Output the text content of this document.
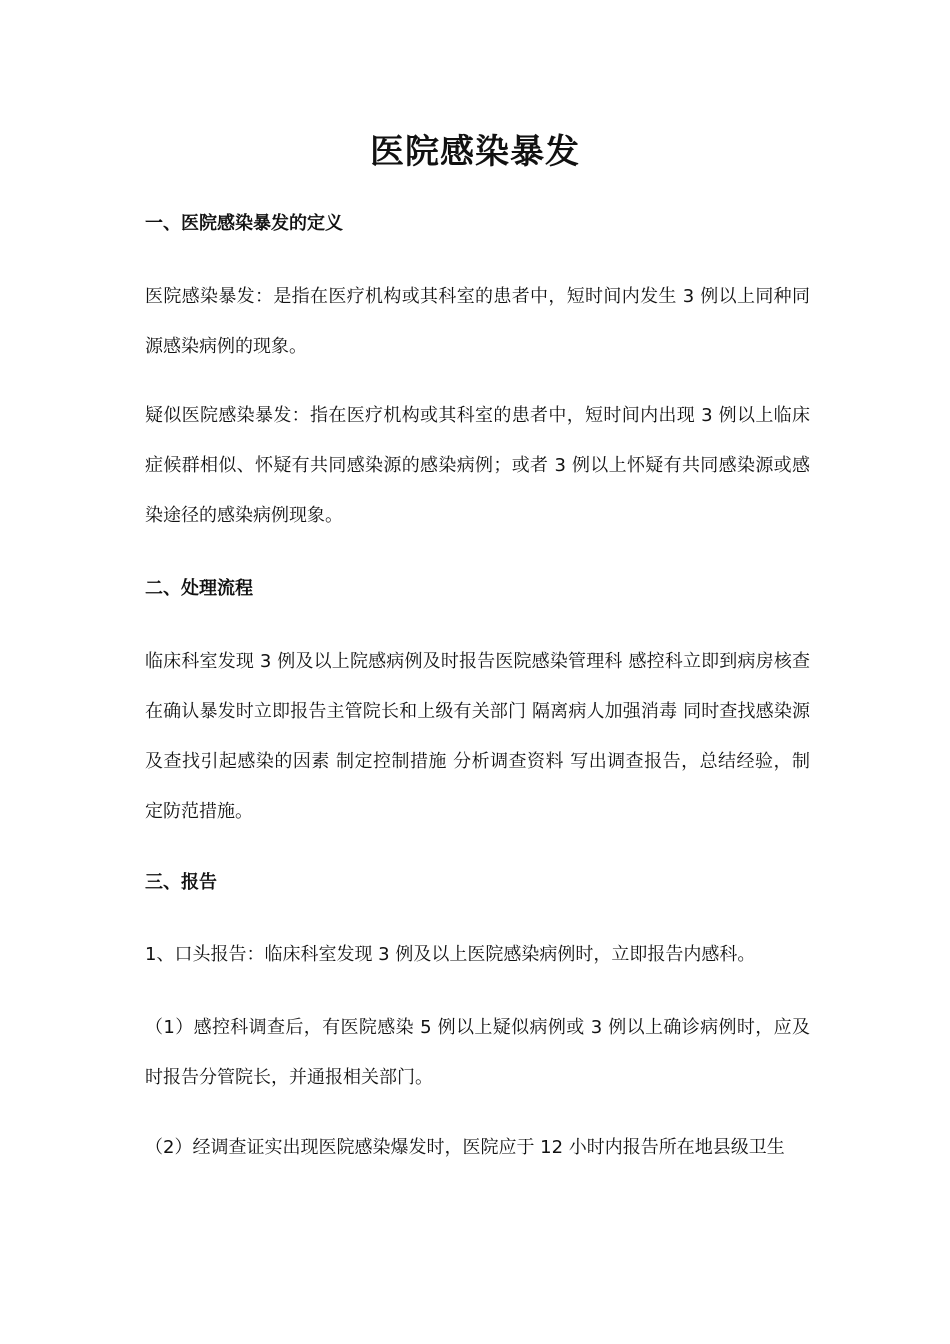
医院感染暴发
一、医院感染暴发的定义

医院感染暴发：是指在医疗机构或其科室的患者中，短时间内发生 3 例以上同种同源感染病例的现象。

疑似医院感染暴发：指在医疗机构或其科室的患者中，短时间内出现 3 例以上临床症候群相似、怀疑有共同感染源的感染病例；或者 3 例以上怀疑有共同感染源或感染途径的感染病例现象。

二、处理流程

临床科室发现 3 例及以上院感病例及时报告医院感染管理科 感控科立即到病房核查 在确认暴发时立即报告主管院长和上级有关部门 隔离病人加强消毒 同时查找感染源及查找引起感染的因素 制定控制措施 分析调查资料 写出调查报告，总结经验，制定防范措施。

三、报告

1、口头报告：临床科室发现 3 例及以上医院感染病例时，立即报告内感科。

（1）感控科调查后，有医院感染 5 例以上疑似病例或 3 例以上确诊病例时，应及时报告分管院长，并通报相关部门。

（2）经调查证实出现医院感染爆发时，医院应于 12 小时内报告所在地县级卫生
